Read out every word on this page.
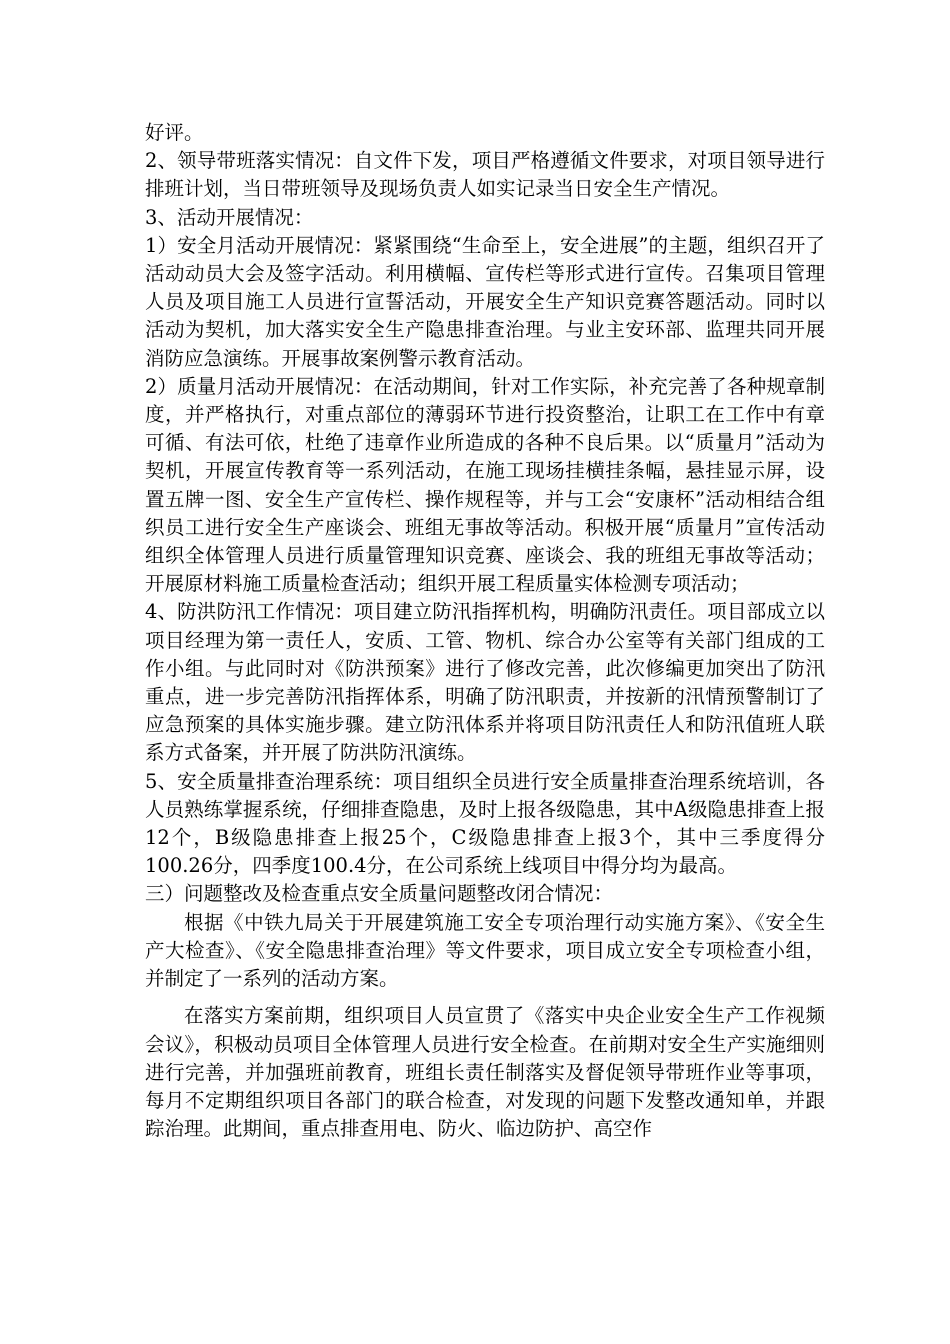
好评。

2、领导带班落实情况：自文件下发，项目严格遵循文件要求，对项目领导进行排班计划，当日带班领导及现场负责人如实记录当日安全生产情况。

3、活动开展情况：

1）安全月活动开展情况：紧紧围绕“生命至上，安全进展”的主题，组织召开了活动动员大会及签字活动。利用横幅、宣传栏等形式进行宣传。召集项目管理人员及项目施工人员进行宣誓活动，开展安全生产知识竞赛答题活动。同时以活动为契机，加大落实安全生产隐患排查治理。与业主安环部、监理共同开展消防应急演练。开展事故案例警示教育活动。

2）质量月活动开展情况：在活动期间，针对工作实际，补充完善了各种规章制度，并严格执行，对重点部位的薄弱环节进行投资整治，让职工在工作中有章可循、有法可依，杜绝了违章作业所造成的各种不良后果。以“质量月”活动为契机，开展宣传教育等一系列活动，在施工现场挂横挂条幅，悬挂显示屏，设置五牌一图、安全生产宣传栏、操作规程等，并与工会“安康杯”活动相结合组织员工进行安全生产座谈会、班组无事故等活动。积极开展“质量月”宣传活动组织全体管理人员进行质量管理知识竞赛、座谈会、我的班组无事故等活动；开展原材料施工质量检查活动；组织开展工程质量实体检测专项活动；

4、防洪防汛工作情况：项目建立防汛指挥机构，明确防汛责任。项目部成立以项目经理为第一责任人，安质、工管、物机、综合办公室等有关部门组成的工作小组。与此同时对《防洪预案》进行了修改完善，此次修编更加突出了防汛重点，进一步完善防汛指挥体系，明确了防汛职责，并按新的汛情预警制订了应急预案的具体实施步骤。建立防汛体系并将项目防汛责任人和防汛值班人联系方式备案，并开展了防洪防汛演练。

5、安全质量排查治理系统：项目组织全员进行安全质量排查治理系统培训，各人员熟练掌握系统，仔细排查隐患，及时上报各级隐患，其中A级隐患排查上报12个，B级隐患排查上报25个，C级隐患排查上报3个，其中三季度得分100.26分，四季度100.4分，在公司系统上线项目中得分均为最高。

三）问题整改及检查重点安全质量问题整改闭合情况：

根据《中铁九局关于开展建筑施工安全专项治理行动实施方案》、《安全生产大检查》、《安全隐患排查治理》等文件要求，项目成立安全专项检查小组，并制定了一系列的活动方案。

在落实方案前期，组织项目人员宣贯了《落实中央企业安全生产工作视频会议》，积极动员项目全体管理人员进行安全检查。在前期对安全生产实施细则进行完善，并加强班前教育，班组长责任制落实及督促领导带班作业等事项，每月不定期组织项目各部门的联合检查，对发现的问题下发整改通知单，并跟踪治理。此期间，重点排查用电、防火、临边防护、高空作
